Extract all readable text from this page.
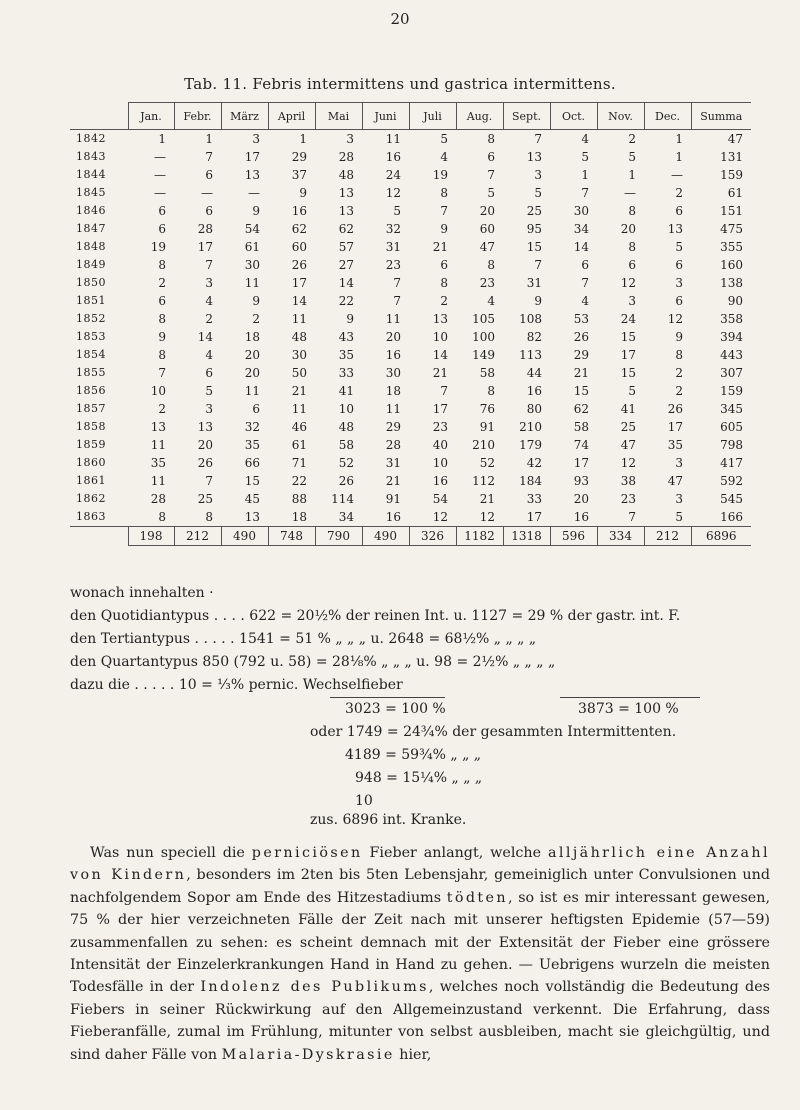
20
Tab. 11. Febris intermittens und gastrica intermittens.
	Jan.	Febr.	März	April	Mai	Juni	Juli	Aug.	Sept.	Oct.	Nov.	Dec.	Summa
1842	1	1	3	1	3	11	5	8	7	4	2	1	47
1843	—	7	17	29	28	16	4	6	13	5	5	1	131
1844	—	6	13	37	48	24	19	7	3	1	1	—	159
1845	—	—	—	9	13	12	8	5	5	7	—	2	61
1846	6	6	9	16	13	5	7	20	25	30	8	6	151
1847	6	28	54	62	62	32	9	60	95	34	20	13	475
1848	19	17	61	60	57	31	21	47	15	14	8	5	355
1849	8	7	30	26	27	23	6	8	7	6	6	6	160
1850	2	3	11	17	14	7	8	23	31	7	12	3	138
1851	6	4	9	14	22	7	2	4	9	4	3	6	90
1852	8	2	2	11	9	11	13	105	108	53	24	12	358
1853	9	14	18	48	43	20	10	100	82	26	15	9	394
1854	8	4	20	30	35	16	14	149	113	29	17	8	443
1855	7	6	20	50	33	30	21	58	44	21	15	2	307
1856	10	5	11	21	41	18	7	8	16	15	5	2	159
1857	2	3	6	11	10	11	17	76	80	62	41	26	345
1858	13	13	32	46	48	29	23	91	210	58	25	17	605
1859	11	20	35	61	58	28	40	210	179	74	47	35	798
1860	35	26	66	71	52	31	10	52	42	17	12	3	417
1861	11	7	15	22	26	21	16	112	184	93	38	47	592
1862	28	25	45	88	114	91	54	21	33	20	23	3	545
1863	8	8	13	18	34	16	12	12	17	16	7	5	166
	198	212	490	748	790	490	326	1182	1318	596	334	212	6896
wonach innehalten ·
den Quotidiantypus . . . . 622 = 20½% der reinen Int. u. 1127 = 29 % der gastr. int. F.
den Tertiantypus . . . . . 1541 = 51 % „ „ „ u. 2648 = 68½% „ „ „ „
den Quartantypus 850 (792 u. 58) = 28⅛% „ „ „ u. 98 = 2½% „ „ „ „
dazu die . . . . . 10 = ⅓% pernic. Wechselfieber
3023 = 100 %	3873 = 100 %
oder 1749 = 24¾% der gesammten Intermittenten.
4189 = 59¾% „ „ „
948 = 15¼% „ „ „
10
zus. 6896 int. Kranke.

Was nun speciell die perniciösen Fieber anlangt, welche alljährlich eine Anzahl von Kindern, besonders im 2ten bis 5ten Lebensjahr, gemeiniglich unter Convulsionen und nachfolgendem Sopor am Ende des Hitzestadiums tödten, so ist es mir interessant gewesen, 75 % der hier verzeichneten Fälle der Zeit nach mit unserer heftigsten Epidemie (57—59) zusammenfallen zu sehen: es scheint demnach mit der Extensität der Fieber eine grössere Intensität der Einzelerkrankungen Hand in Hand zu gehen. — Uebrigens wurzeln die meisten Todesfälle in der Indolenz des Publikums, welches noch vollständig die Bedeutung des Fiebers in seiner Rückwirkung auf den Allgemeinzustand verkennt. Die Erfahrung, dass Fieberanfälle, zumal im Frühlung, mitunter von selbst ausbleiben, macht sie gleichgültig, und sind daher Fälle von Malaria-Dyskrasie hier,
